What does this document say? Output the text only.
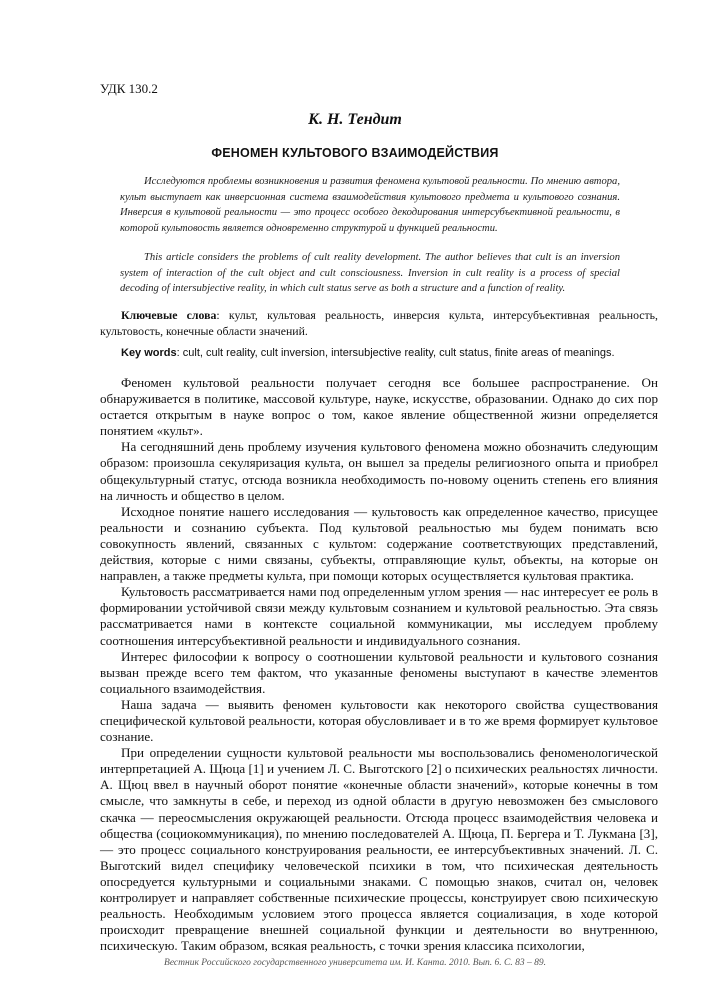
УДК 130.2
К. Н. Тендит
ФЕНОМЕН КУЛЬТОВОГО ВЗАИМОДЕЙСТВИЯ

Исследуются проблемы возникновения и развития феномена культовой реальности. По мнению автора, культ выступает как инверсионная система взаимодействия культового предмета и культового сознания. Инверсия в культовой реальности — это процесс особого декодирования интерсубъективной реальности, в которой культовость является одновременно структурой и функцией реальности.

This article considers the problems of cult reality development. The author believes that cult is an inversion system of interaction of the cult object and cult consciousness. Inversion in cult reality is a process of special decoding of intersubjective reality, in which cult status serve as both a structure and a function of reality.

Ключевые слова: культ, культовая реальность, инверсия культа, интерсубъективная реальность, культовость, конечные области значений.

Key words: cult, cult reality, cult inversion, intersubjective reality, cult status, finite areas of meanings.

Феномен культовой реальности получает сегодня все большее распространение. Он обнаруживается в политике, массовой культуре, науке, искусстве, образовании. Однако до сих пор остается открытым в науке вопрос о том, какое явление общественной жизни определяется понятием «культ».

На сегодняшний день проблему изучения культового феномена можно обозначить следующим образом: произошла секуляризация культа, он вышел за пределы религиозного опыта и приобрел общекультурный статус, отсюда возникла необходимость по-новому оценить степень его влияния на личность и общество в целом.

Исходное понятие нашего исследования — культовость как определенное качество, присущее реальности и сознанию субъекта. Под культовой реальностью мы будем понимать всю совокупность явлений, связанных с культом: содержание соответствующих представлений, действия, которые с ними связаны, субъекты, отправляющие культ, объекты, на которые он направлен, а также предметы культа, при помощи которых осуществляется культовая практика.

Культовость рассматривается нами под определенным углом зрения — нас интересует ее роль в формировании устойчивой связи между культовым сознанием и культовой реальностью. Эта связь рассматривается нами в контексте социальной коммуникации, мы исследуем проблему соотношения интерсубъективной реальности и индивидуального сознания.

Интерес философии к вопросу о соотношении культовой реальности и культового сознания вызван прежде всего тем фактом, что указанные феномены выступают в качестве элементов социального взаимодействия.

Наша задача — выявить феномен культовости как некоторого свойства существования специфической культовой реальности, которая обусловливает и в то же время формирует культовое сознание.

При определении сущности культовой реальности мы воспользовались феноменологической интерпретацией А. Щюца [1] и учением Л. С. Выготского [2] о психических реальностях личности. А. Щюц ввел в научный оборот понятие «конечные области значений», которые конечны в том смысле, что замкнуты в себе, и переход из одной области в другую невозможен без смыслового скачка — переосмысления окружающей реальности. Отсюда процесс взаимодействия человека и общества (социокоммуникация), по мнению последователей А. Щюца, П. Бергера и Т. Лукмана [3], — это процесс социального конструирования реальности, ее интерсубъективных значений. Л. С. Выготский видел специфику человеческой психики в том, что психическая деятельность опосредуется культурными и социальными знаками. С помощью знаков, считал он, человек контролирует и направляет собственные психические процессы, конструирует свою психическую реальность. Необходимым условием этого процесса является социализация, в ходе которой происходит превращение внешней социальной функции и деятельности во внутреннюю, психическую. Таким образом, всякая реальность, с точки зрения классика психологии,

Вестник Российского государственного университета им. И. Канта. 2010. Вып. 6. С. 83 – 89.
